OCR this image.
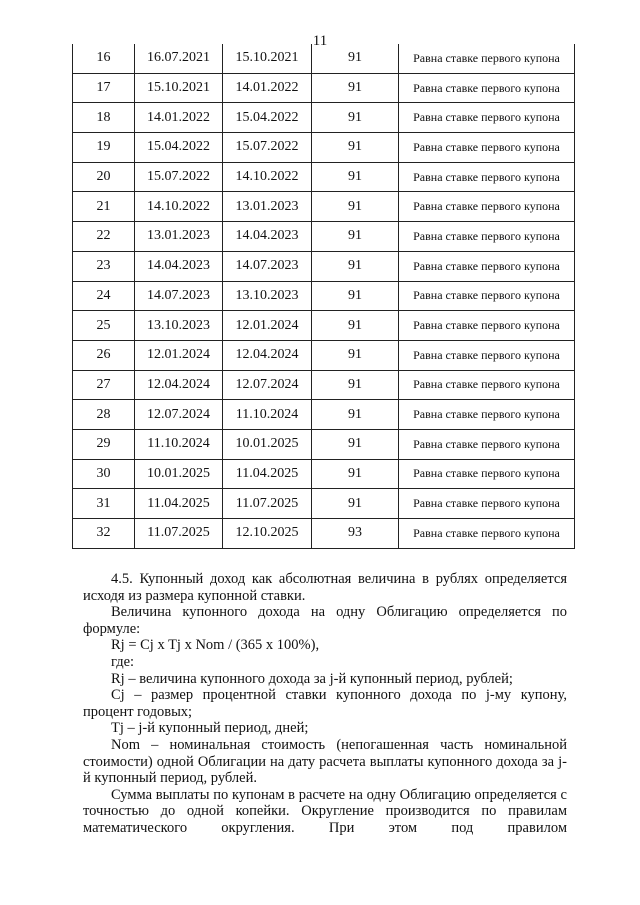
11
16	16.07.2021	15.10.2021	91	Равна ставке первого купона
17	15.10.2021	14.01.2022	91	Равна ставке первого купона
18	14.01.2022	15.04.2022	91	Равна ставке первого купона
19	15.04.2022	15.07.2022	91	Равна ставке первого купона
20	15.07.2022	14.10.2022	91	Равна ставке первого купона
21	14.10.2022	13.01.2023	91	Равна ставке первого купона
22	13.01.2023	14.04.2023	91	Равна ставке первого купона
23	14.04.2023	14.07.2023	91	Равна ставке первого купона
24	14.07.2023	13.10.2023	91	Равна ставке первого купона
25	13.10.2023	12.01.2024	91	Равна ставке первого купона
26	12.01.2024	12.04.2024	91	Равна ставке первого купона
27	12.04.2024	12.07.2024	91	Равна ставке первого купона
28	12.07.2024	11.10.2024	91	Равна ставке первого купона
29	11.10.2024	10.01.2025	91	Равна ставке первого купона
30	10.01.2025	11.04.2025	91	Равна ставке первого купона
31	11.04.2025	11.07.2025	91	Равна ставке первого купона
32	11.07.2025	12.10.2025	93	Равна ставке первого купона

4.5. Купонный доход как абсолютная величина в рублях определяется исходя из размера купонной ставки.

Величина купонного дохода на одну Облигацию определяется по формуле:

Rj = Cj x Tj x Nom / (365 x 100%),

где:

Rj – величина купонного дохода за j-й купонный период, рублей;

Cj – размер процентной ставки купонного дохода по j-му купону, процент годовых;

Tj – j-й купонный период, дней;

Nom – номинальная стоимость (непогашенная часть номинальной стоимости) одной Облигации на дату расчета выплаты купонного дохода за j-й купонный период, рублей.

Сумма выплаты по купонам в расчете на одну Облигацию определяется с точностью до одной копейки. Округление производится по правилам математического округления. При этом под правилом
